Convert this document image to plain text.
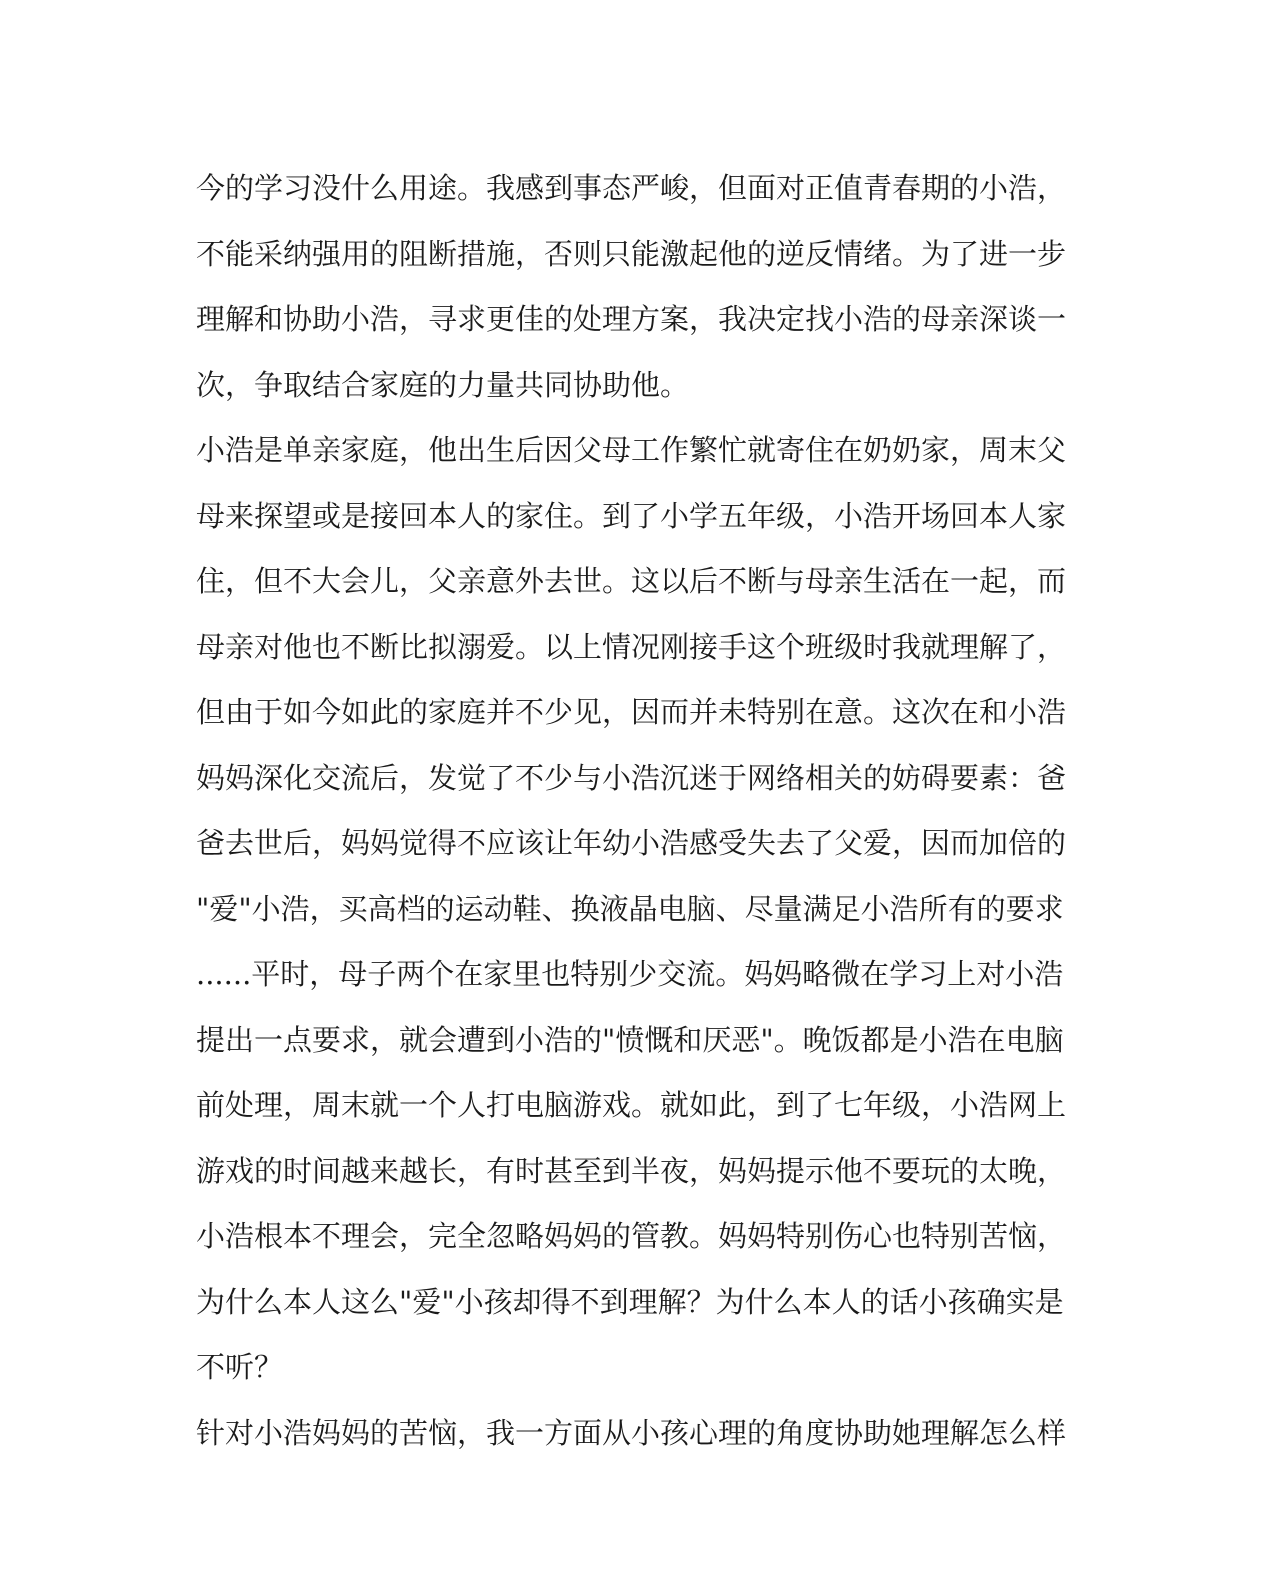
今的学习没什么用途。我感到事态严峻，但面对正值青春期的小浩，
不能采纳强用的阻断措施，否则只能激起他的逆反情绪。为了进一步
理解和协助小浩，寻求更佳的处理方案，我决定找小浩的母亲深谈一
次，争取结合家庭的力量共同协助他。
小浩是单亲家庭，他出生后因父母工作繁忙就寄住在奶奶家，周末父
母来探望或是接回本人的家住。到了小学五年级，小浩开场回本人家
住，但不大会儿，父亲意外去世。这以后不断与母亲生活在一起，而
母亲对他也不断比拟溺爱。以上情况刚接手这个班级时我就理解了，
但由于如今如此的家庭并不少见，因而并未特别在意。这次在和小浩
妈妈深化交流后，发觉了不少与小浩沉迷于网络相关的妨碍要素：爸
爸去世后，妈妈觉得不应该让年幼小浩感受失去了父爱，因而加倍的
"爱"小浩，买高档的运动鞋、换液晶电脑、尽量满足小浩所有的要求
......平时，母子两个在家里也特别少交流。妈妈略微在学习上对小浩
提出一点要求，就会遭到小浩的"愤慨和厌恶"。晚饭都是小浩在电脑
前处理，周末就一个人打电脑游戏。就如此，到了七年级，小浩网上
游戏的时间越来越长，有时甚至到半夜，妈妈提示他不要玩的太晚，
小浩根本不理会，完全忽略妈妈的管教。妈妈特别伤心也特别苦恼，
为什么本人这么"爱"小孩却得不到理解？为什么本人的话小孩确实是
不听？
针对小浩妈妈的苦恼，我一方面从小孩心理的角度协助她理解怎么样
